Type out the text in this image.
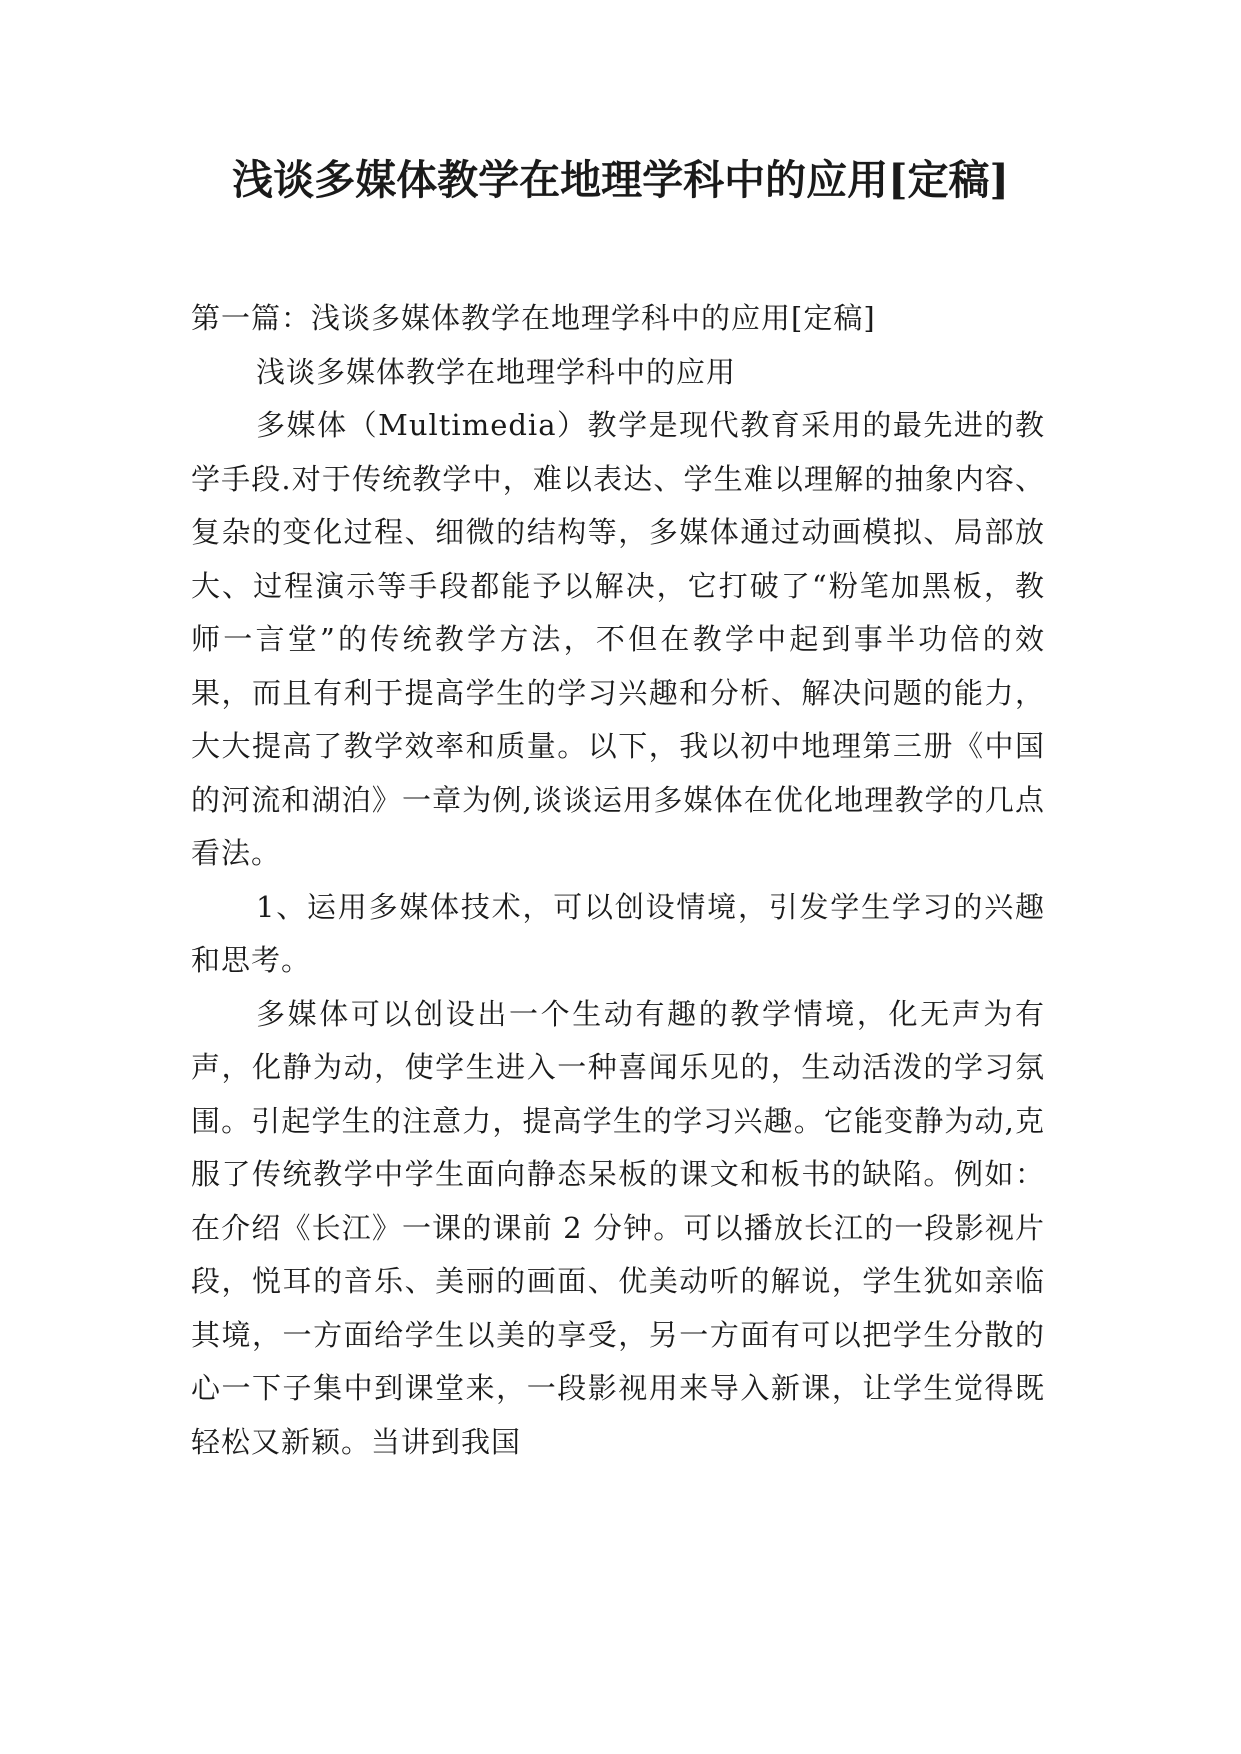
浅谈多媒体教学在地理学科中的应用[定稿]

第一篇：浅谈多媒体教学在地理学科中的应用[定稿]

浅谈多媒体教学在地理学科中的应用

多媒体（Multimedia）教学是现代教育采用的最先进的教学手段.对于传统教学中，难以表达、学生难以理解的抽象内容、复杂的变化过程、细微的结构等，多媒体通过动画模拟、局部放大、过程演示等手段都能予以解决，它打破了“粉笔加黑板，教师一言堂”的传统教学方法，不但在教学中起到事半功倍的效果，而且有利于提高学生的学习兴趣和分析、解决问题的能力，大大提高了教学效率和质量。以下，我以初中地理第三册《中国的河流和湖泊》一章为例,谈谈运用多媒体在优化地理教学的几点看法。

1、运用多媒体技术，可以创设情境，引发学生学习的兴趣和思考。

多媒体可以创设出一个生动有趣的教学情境，化无声为有声，化静为动，使学生进入一种喜闻乐见的，生动活泼的学习氛围。引起学生的注意力，提高学生的学习兴趣。它能变静为动,克服了传统教学中学生面向静态呆板的课文和板书的缺陷。例如：在介绍《长江》一课的课前 2 分钟。可以播放长江的一段影视片段，悦耳的音乐、美丽的画面、优美动听的解说，学生犹如亲临其境，一方面给学生以美的享受，另一方面有可以把学生分散的心一下子集中到课堂来，一段影视用来导入新课，让学生觉得既轻松又新颖。当讲到我国
